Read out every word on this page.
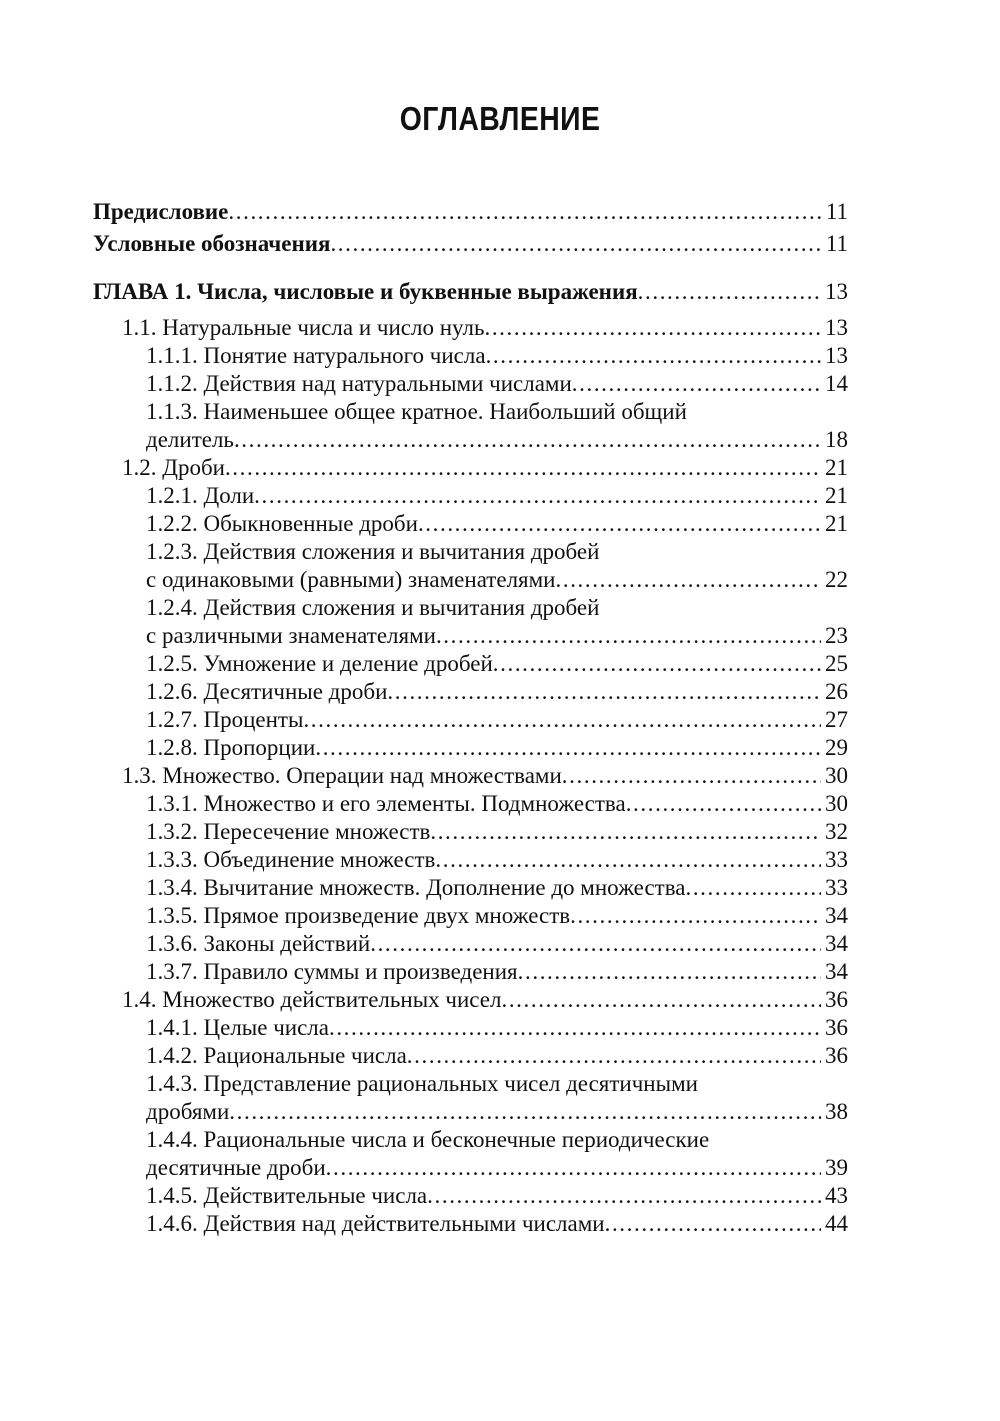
ОГЛАВЛЕНИЕ
Предисловие .....	11
Условные обозначения .....	11
ГЛАВА 1. Числа, числовые и буквенные выражения .....	13
1.1. Натуральные числа и число нуль .....	13
1.1.1. Понятие натурального числа .....	13
1.1.2. Действия над натуральными числами .....	14
1.1.3. Наименьшее общее кратное. Наибольший общий
делитель .....	18
1.2. Дроби .....	21
1.2.1. Доли .....	21
1.2.2. Обыкновенные дроби .....	21
1.2.3. Действия сложения и вычитания дробей
с одинаковыми (равными) знаменателями .....	22
1.2.4. Действия сложения и вычитания дробей
с различными знаменателями .....	23
1.2.5. Умножение и деление дробей .....	25
1.2.6. Десятичные дроби .....	26
1.2.7. Проценты .....	27
1.2.8. Пропорции .....	29
1.3. Множество. Операции над множествами .....	30
1.3.1. Множество и его элементы. Подмножества .....	30
1.3.2. Пересечение множеств .....	32
1.3.3. Объединение множеств .....	33
1.3.4. Вычитание множеств. Дополнение до множества .....	33
1.3.5. Прямое произведение двух множеств .....	34
1.3.6. Законы действий .....	34
1.3.7. Правило суммы и произведения .....	34
1.4. Множество действительных чисел .....	36
1.4.1. Целые числа .....	36
1.4.2. Рациональные числа .....	36
1.4.3. Представление рациональных чисел десятичными
дробями .....	38
1.4.4. Рациональные числа и бесконечные периодические
десятичные дроби .....	39
1.4.5. Действительные числа .....	43
1.4.6. Действия над действительными числами .....	44
